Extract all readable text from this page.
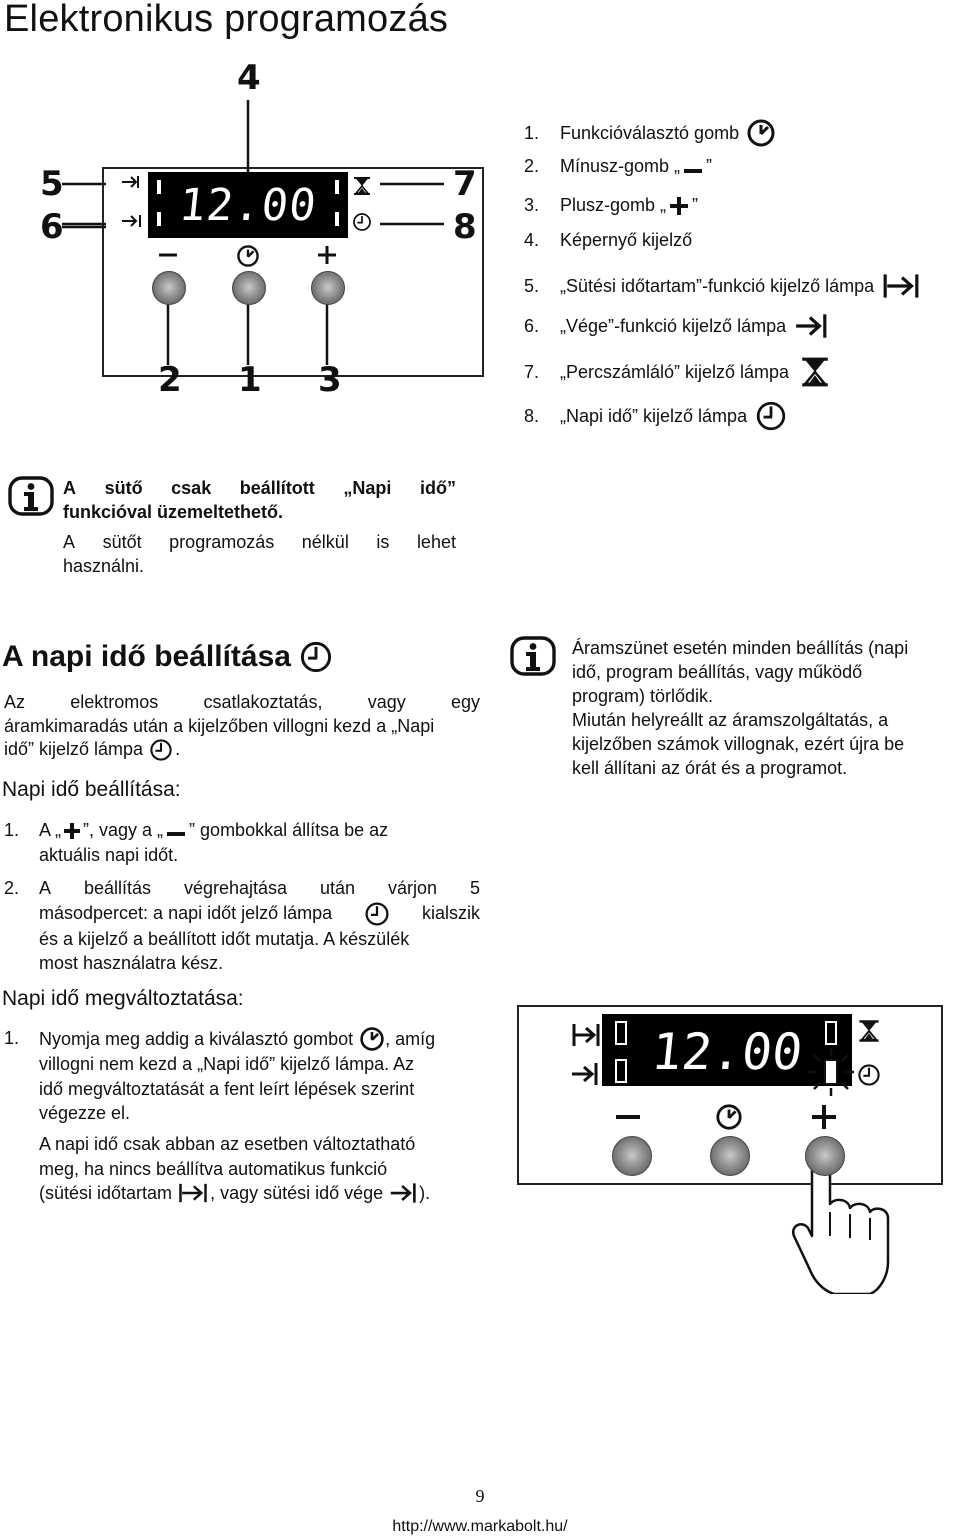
Elektronikus programozás
12.00
4
5
6
7
8
2 1 3
1.	Funkcióválasztó gomb
2.	Mínusz-gomb „ ”
3.	Plusz-gomb „ ”
4.	Képernyő kijelző
5.	„Sütési időtartam”-funkció kijelző lámpa
6.	„Vége”-funkció kijelző lámpa
7.	„Percszámláló” kijelző lámpa
8.	„Napi idő” kijelző lámpa
A sütő csak beállított „Napi idő”
funkcióval üzemeltethető.
A sütőt programozás nélkül is lehet
használni.
A napi idő beállítása
Az	elektromos	csatlakoztatás,	vagy	egy
áramkimaradás után a kijelzőben villogni kezd a „Napi
idő” kijelző lámpa .
Napi idő beállítása:
1. A „ ”, vagy a „ ” gombokkal állítsa be az
aktuális napi időt.
2. A beállítás végrehajtása után várjon 5
másodpercet: a napi időt jelző lámpa	kialszik
és a kijelző a beállított időt mutatja. A készülék
most használatra kész.
Napi idő megváltoztatása:
1. Nyomja meg addig a kiválasztó gombot , amíg
villogni nem kezd a „Napi idő” kijelző lámpa. Az
idő megváltoztatását a fent leírt lépések szerint
végezze el.
A napi idő csak abban az esetben változtatható
meg, ha nincs beállítva automatikus funkció
(sütési időtartam , vagy sütési idő vége ).
Áramszünet esetén minden beállítás (napi
idő, program beállítás, vagy működő
program) törlődik.
Miután helyreállt az áramszolgáltatás, a
kijelzőben számok villognak, ezért újra be
kell állítani az órát és a programot.
12.00
9
http://www.markabolt.hu/
